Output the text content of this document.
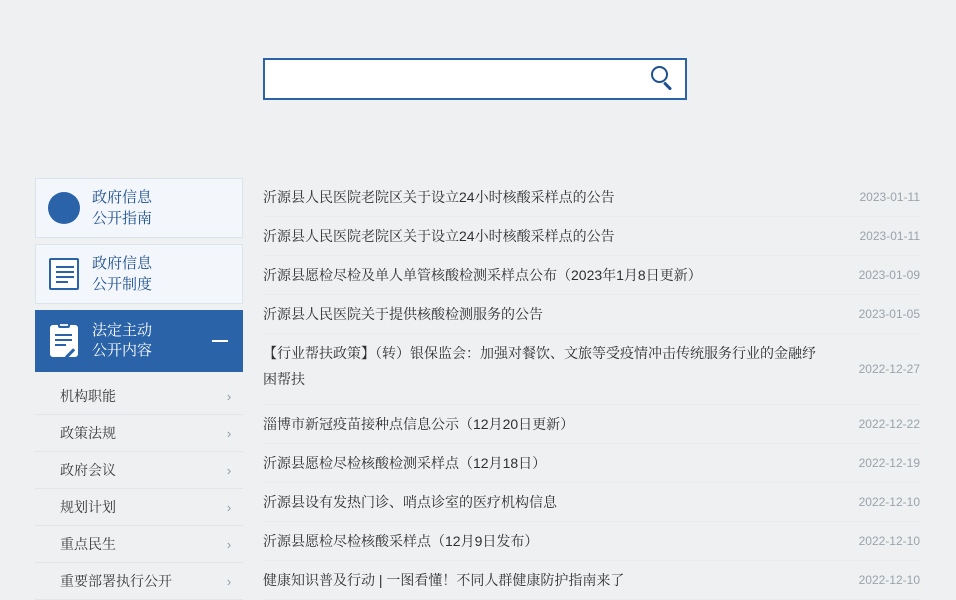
政府信息
公开指南
政府信息
公开制度
法定主动
公开内容
机构职能	›
政策法规	›
政府会议	›
规划计划	›
重点民生	›
重要部署执行公开	›
沂源县人民医院老院区关于设立24小时核酸采样点的公告	2023-01-11
沂源县人民医院老院区关于设立24小时核酸采样点的公告	2023-01-11
沂源县愿检尽检及单人单管核酸检测采样点公布（2023年1月8日更新）	2023-01-09
沂源县人民医院关于提供核酸检测服务的公告	2023-01-05
【行业帮扶政策】（转）银保监会：加强对餐饮、文旅等受疫情冲击传统服务行业的金融纾困帮扶
2022-12-27
淄博市新冠疫苗接种点信息公示（12月20日更新）	2022-12-22
沂源县愿检尽检核酸检测采样点（12月18日）	2022-12-19
沂源县设有发热门诊、哨点诊室的医疗机构信息	2022-12-10
沂源县愿检尽检核酸采样点（12月9日发布）	2022-12-10
健康知识普及行动 | 一图看懂！不同人群健康防护指南来了	2022-12-10
